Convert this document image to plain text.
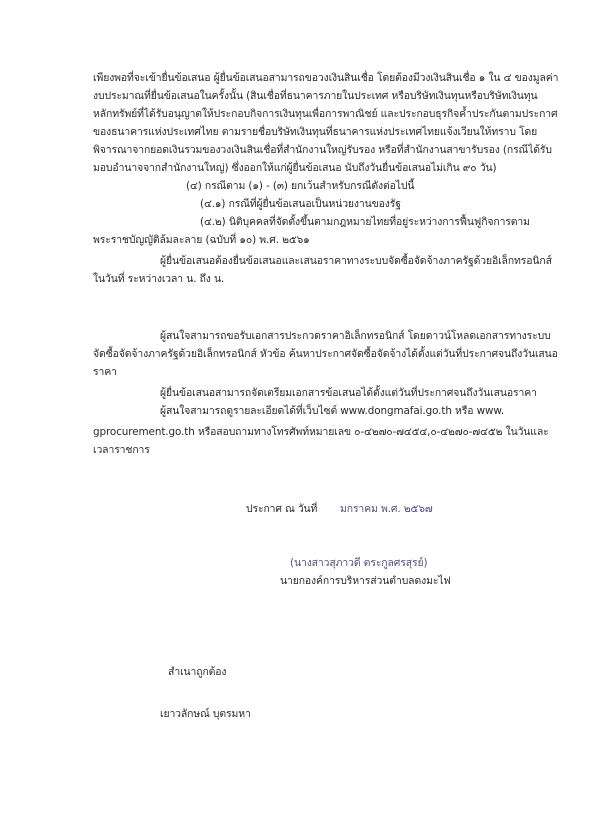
เพียงพอที่จะเข้ายื่นข้อเสนอ ผู้ยื่นข้อเสนอสามารถขอวงเงินสินเชื่อ โดยต้องมีวงเงินสินเชื่อ ๑ ใน ๔ ของมูลค่า
งบประมาณที่ยื่นข้อเสนอในครั้งนั้น (สินเชื่อที่ธนาคารภายในประเทศ หรือบริษัทเงินทุนหรือบริษัทเงินทุน
หลักทรัพย์ที่ได้รับอนุญาตให้ประกอบกิจการเงินทุนเพื่อการพาณิชย์ และประกอบธุรกิจค้ำประกันตามประกาศ
ของธนาคารแห่งประเทศไทย ตามรายชื่อบริษัทเงินทุนที่ธนาคารแห่งประเทศไทยแจ้งเวียนให้ทราบ โดย
พิจารณาจากยอดเงินรวมของวงเงินสินเชื่อที่สำนักงานใหญ่รับรอง หรือที่สำนักงานสาขารับรอง (กรณีได้รับ
มอบอำนาจจากสำนักงานใหญ่) ซึ่งออกให้แก่ผู้ยื่นข้อเสนอ นับถึงวันยื่นข้อเสนอไม่เกิน ๙๐ วัน)
(๔) กรณีตาม (๑) - (๓) ยกเว้นสำหรับกรณีดังต่อไปนี้
(๔.๑) กรณีที่ผู้ยื่นข้อเสนอเป็นหน่วยงานของรัฐ
(๔.๒) นิติบุคคลที่จัดตั้งขึ้นตามกฎหมายไทยที่อยู่ระหว่างการฟื้นฟูกิจการตาม
พระราชบัญญัติล้มละลาย (ฉบับที่ ๑๐) พ.ศ. ๒๕๖๑
ผู้ยื่นข้อเสนอต้องยื่นข้อเสนอและเสนอราคาทางระบบจัดซื้อจัดจ้างภาครัฐด้วยอิเล็กทรอนิกส์
ในวันที่ ระหว่างเวลา น. ถึง น.
ผู้สนใจสามารถขอรับเอกสารประกวดราคาอิเล็กทรอนิกส์ โดยดาวน์โหลดเอกสารทางระบบ
จัดซื้อจัดจ้างภาครัฐด้วยอิเล็กทรอนิกส์ หัวข้อ ค้นหาประกาศจัดซื้อจัดจ้างได้ตั้งแต่วันที่ประกาศจนถึงวันเสนอ
ราคา
ผู้ยื่นข้อเสนอสามารถจัดเตรียมเอกสารข้อเสนอได้ตั้งแต่วันที่ประกาศจนถึงวันเสนอราคา
ผู้สนใจสามารถดูรายละเอียดได้ที่เว็บไซต์ www.dongmafai.go.th หรือ www.
gprocurement.go.th หรือสอบถามทางโทรศัพท์หมายเลข ๐-๔๒๗๐-๗๔๕๔,๐-๔๒๗๐-๗๔๕๒ ในวันและ
เวลาราชการ
ประกาศ ณ วันที่ มกราคม พ.ศ. ๒๕๖๗
(นางสาวสุภาวดี ตระกูลศรสุรย์)
นายกองค์การบริหารส่วนตำบลดงมะไฟ
สำเนาถูกต้อง
เยาวลักษณ์ บุตรมหา
